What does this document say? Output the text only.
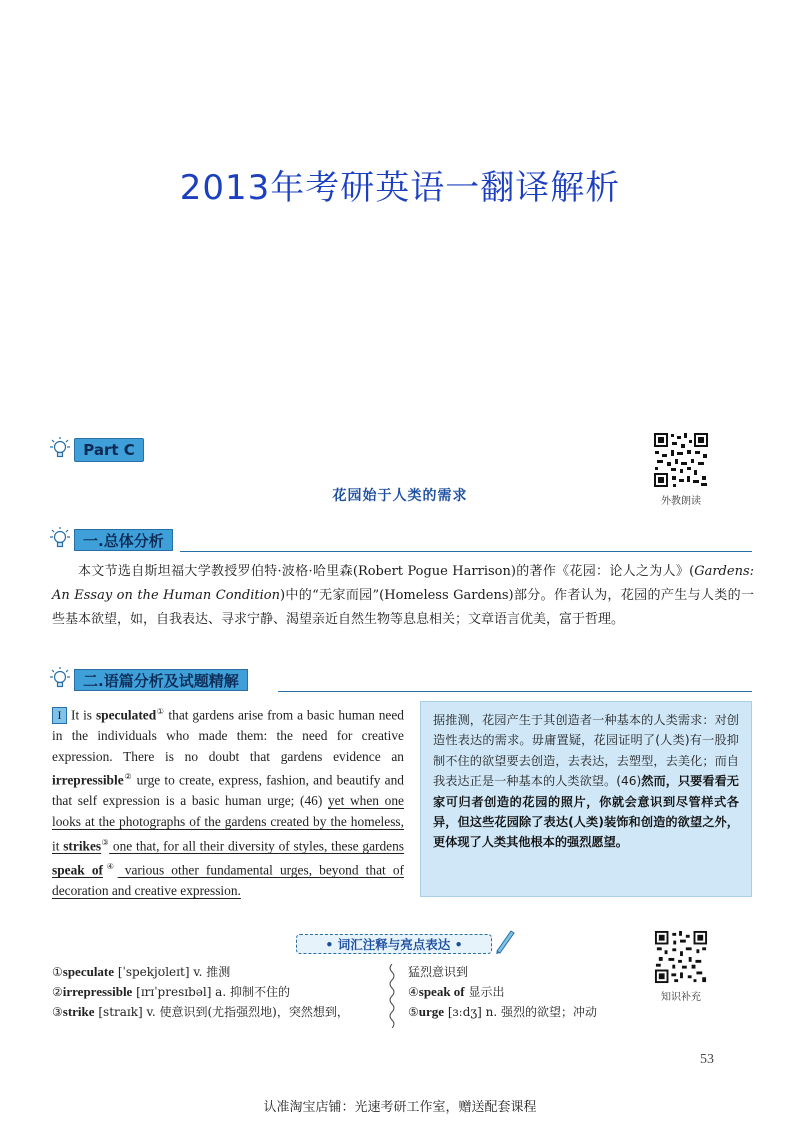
2013年考研英语一翻译解析
Part C
花园始于人类的需求	外教朗读
一.总体分析

本文节选自斯坦福大学教授罗伯特·波格·哈里森(Robert Pogue Harrison)的著作《花园：论人之为人》(Gardens: An Essay on the Human Condition)中的“无家而园”(Homeless Gardens)部分。作者认为，花园的产生与人类的一些基本欲望，如，自我表达、寻求宁静、渴望亲近自然生物等息息相关；文章语言优美，富于哲理。

二.语篇分析及试题精解
I It is speculated① that gardens arise from a basic human need in the individuals who made them: the need for creative expression. There is no doubt that gardens evidence an irrepressible② urge to create, express, fashion, and beautify and that self expression is a basic human urge; (46) yet when one looks at the photographs of the gardens created by the homeless, it strikes③ one that, for all their diversity of styles, these gardens speak of④ various other fundamental urges, beyond that of decoration and creative expression.
据推测，花园产生于其创造者一种基本的人类需求：对创造性表达的需求。毋庸置疑，花园证明了(人类)有一股抑制不住的欲望要去创造，去表达，去塑型，去美化；而自我表达正是一种基本的人类欲望。(46)然而，只要看看无家可归者创造的花园的照片，你就会意识到尽管样式各异，但这些花园除了表达(人类)装饰和创造的欲望之外，更体现了人类其他根本的强烈愿望。
• 词汇注释与亮点表达 •
知识补充
①speculate [ˈspekjʊleɪt] v. 推测
②irrepressible [ɪrɪˈpresɪbəl] a. 抑制不住的
③strike [straɪk] v. 使意识到(尤指强烈地)，突然想到，
猛烈意识到
④speak of 显示出
⑤urge [ɜːdʒ] n. 强烈的欲望；冲动
53
认准淘宝店铺：光速考研工作室，赠送配套课程
